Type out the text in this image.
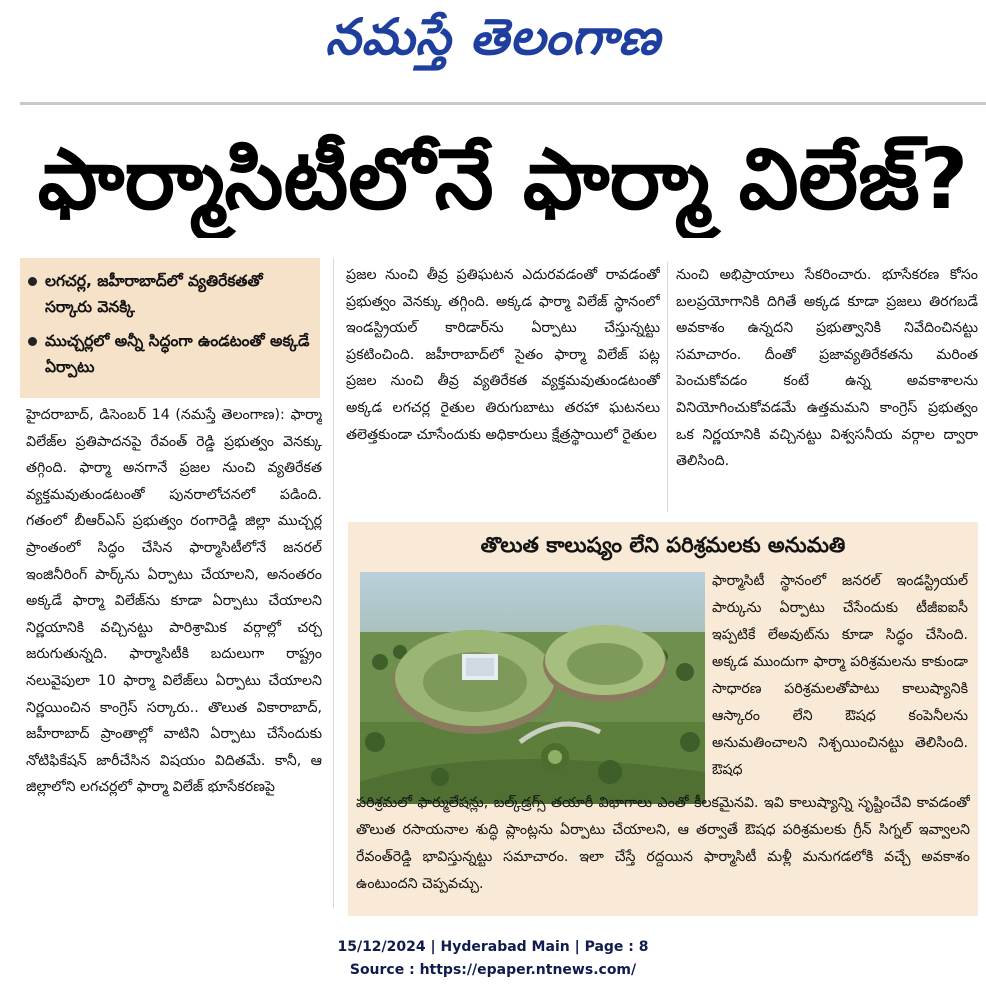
నమస్తే తెలంగాణ
ఫార్మాసిటీలోనే ఫార్మా విలేజ్?
లగచర్ల, జహీరాబాద్‌లో వ్యతిరేకతతో సర్కారు వెనక్కి
ముచ్చర్లలో అన్నీ సిద్ధంగా ఉండటంతో అక్కడే ఏర్పాటు

హైదరాబాద్, డిసెంబర్ 14 (నమస్తే తెలంగాణ): ఫార్మా విలేజ్‌ల ప్రతిపాదనపై రేవంత్ రెడ్డి ప్రభుత్వం వెనక్కు తగ్గింది. ఫార్మా అనగానే ప్రజల నుంచి వ్యతిరేకత వ్యక్తమవుతుండటంతో పునరాలోచనలో పడింది. గతంలో బీఆర్‌ఎస్ ప్రభుత్వం రంగారెడ్డి జిల్లా ముచ్చర్ల ప్రాంతంలో సిద్ధం చేసిన ఫార్మాసిటీలోనే జనరల్ ఇంజినీరింగ్ పార్క్‌ను ఏర్పాటు చేయాలని, అనంతరం అక్కడే ఫార్మా విలేజ్‌ను కూడా ఏర్పాటు చేయాలని నిర్ణయానికి వచ్చినట్టు పారిశ్రామిక వర్గాల్లో చర్చ జరుగుతున్నది. ఫార్మాసిటీకి బదులుగా రాష్ట్రం నలువైపులా 10 ఫార్మా విలేజ్‌లు ఏర్పాటు చేయాలని నిర్ణయించిన కాంగ్రెస్ సర్కారు.. తొలుత వికారాబాద్, జహీరాబాద్ ప్రాంతాల్లో వాటిని ఏర్పాటు చేసేందుకు నోటిఫికేషన్ జారీచేసిన విషయం విదితమే. కానీ, ఆ జిల్లాలోని లగచర్లలో ఫార్మా విలేజ్ భూసేకరణపై

ప్రజల నుంచి తీవ్ర ప్రతిఘటన ఎదురవడంతో రావడంతో ప్రభుత్వం వెనక్కు తగ్గింది. అక్కడ ఫార్మా విలేజ్ స్థానంలో ఇండస్ట్రియల్ కారిడార్‌ను ఏర్పాటు చేస్తున్నట్టు ప్రకటించింది. జహీరాబాద్‌లో సైతం ఫార్మా విలేజ్ పట్ల ప్రజల నుంచి తీవ్ర వ్యతిరేకత వ్యక్తమవుతుండటంతో అక్కడ లగచర్ల రైతుల తిరుగుబాటు తరహా ఘటనలు తలెత్తకుండా చూసేందుకు అధికారులు క్షేత్రస్థాయిలో రైతుల

నుంచి అభిప్రాయాలు సేకరించారు. భూసేకరణ కోసం బలప్రయోగానికి దిగితే అక్కడ కూడా ప్రజలు తిరగబడే అవకాశం ఉన్నదని ప్రభుత్వానికి నివేదించినట్టు సమాచారం. దీంతో ప్రజావ్యతిరేకతను మరింత పెంచుకోవడం కంటే ఉన్న అవకాశాలను వినియోగించుకోవడమే ఉత్తమమని కాంగ్రెస్ ప్రభుత్వం ఒక నిర్ణయానికి వచ్చినట్టు విశ్వసనీయ వర్గాల ద్వారా తెలిసింది.

తొలుత కాలుష్యం లేని పరిశ్రమలకు అనుమతి
ఫార్మాసిటీ స్థానంలో జనరల్ ఇండస్ట్రియల్ పార్కును ఏర్పాటు చేసేందుకు టీజీఐఐసీ ఇప్పటికే లేఅవుట్‌ను కూడా సిద్ధం చేసింది. అక్కడ ముందుగా ఫార్మా పరిశ్రమలను కాకుండా సాధారణ పరిశ్రమలతోపాటు కాలుష్యానికి ఆస్కారం లేని ఔషధ కంపెనీలను అనుమతించాలని నిశ్చయించినట్టు తెలిసింది. ఔషధ
పరిశ్రమలో ఫార్ములేషన్లు, బల్క్‌డ్రగ్స్ తయారీ విభాగాలు ఎంతో కీలకమైనవి. ఇవి కాలుష్యాన్ని సృష్టించేవి కావడంతో తొలుత రసాయనాల శుద్ధి ప్లాంట్లను ఏర్పాటు చేయాలని, ఆ తర్వాతే ఔషధ పరిశ్రమలకు గ్రీన్ సిగ్నల్ ఇవ్వాలని రేవంత్‌రెడ్డి భావిస్తున్నట్టు సమాచారం. ఇలా చేస్తే రద్దయిన ఫార్మాసిటీ మళ్లీ మనుగడలోకి వచ్చే అవకాశం ఉంటుందని చెప్పవచ్చు.
15/12/2024 | Hyderabad Main | Page : 8
Source : https://epaper.ntnews.com/
